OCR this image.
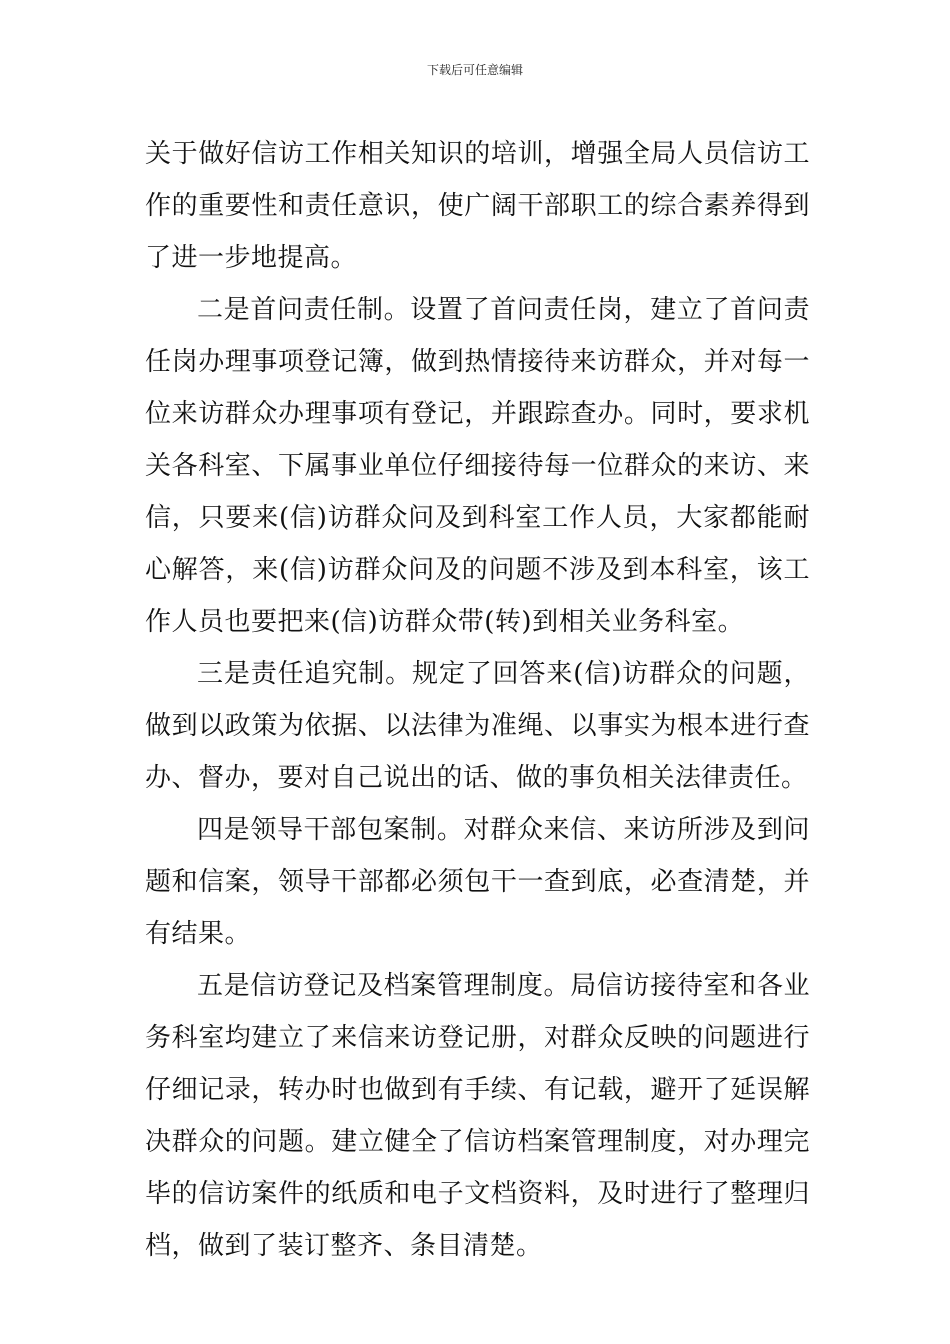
下载后可任意编辑
关于做好信访工作相关知识的培训，增强全局人员信访工
作的重要性和责任意识，使广阔干部职工的综合素养得到
了进一步地提高。
二是首问责任制。设置了首问责任岗，建立了首问责
任岗办理事项登记簿，做到热情接待来访群众，并对每一
位来访群众办理事项有登记，并跟踪查办。同时，要求机
关各科室、下属事业单位仔细接待每一位群众的来访、来
信，只要来(信)访群众问及到科室工作人员，大家都能耐
心解答，来(信)访群众问及的问题不涉及到本科室，该工
作人员也要把来(信)访群众带(转)到相关业务科室。
三是责任追究制。规定了回答来(信)访群众的问题，
做到以政策为依据、以法律为准绳、以事实为根本进行查
办、督办，要对自己说出的话、做的事负相关法律责任。
四是领导干部包案制。对群众来信、来访所涉及到问
题和信案，领导干部都必须包干一查到底，必查清楚，并
有结果。
五是信访登记及档案管理制度。局信访接待室和各业
务科室均建立了来信来访登记册，对群众反映的问题进行
仔细记录，转办时也做到有手续、有记载，避开了延误解
决群众的问题。建立健全了信访档案管理制度，对办理完
毕的信访案件的纸质和电子文档资料，及时进行了整理归
档，做到了装订整齐、条目清楚。
